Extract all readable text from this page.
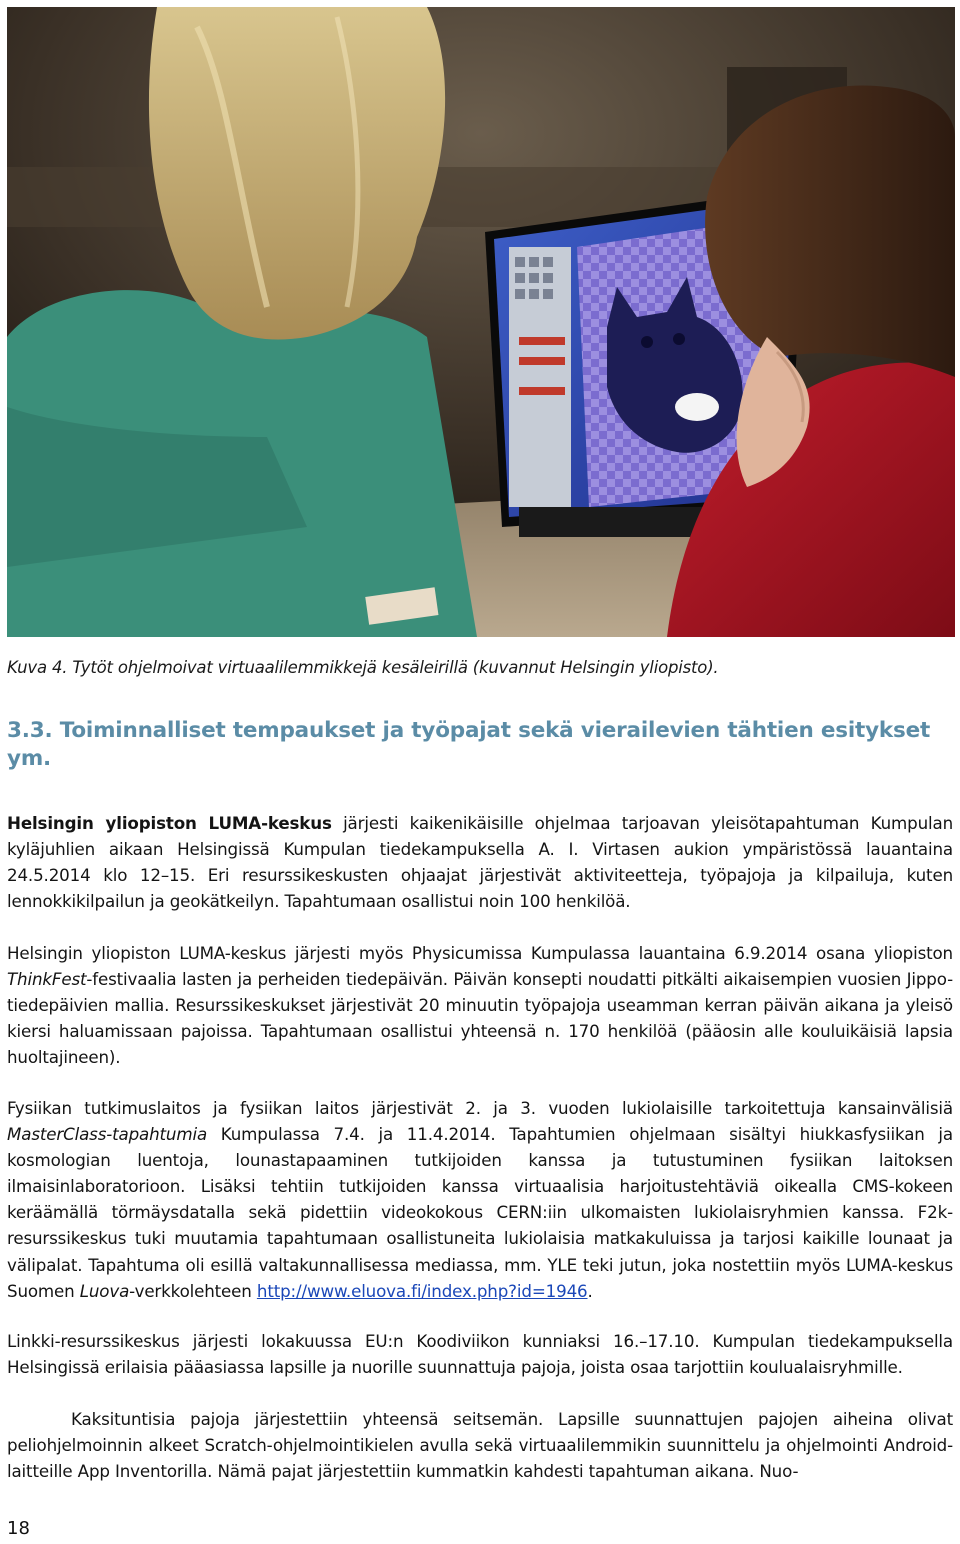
Kuva 4. Tytöt ohjelmoivat virtuaalilemmikkejä kesäleirillä (kuvannut Helsingin yliopisto).
3.3. Toiminnalliset tempaukset ja työpajat sekä vierailevien tähtien esitykset ym.

Helsingin yliopiston LUMA-keskus järjesti kaikenikäisille ohjelmaa tarjoavan yleisötapahtuman Kumpulan kyläjuhlien aikaan Helsingissä Kumpulan tiedekampuksella A. I. Virtasen aukion ympäristössä lauantaina 24.5.2014 klo 12–15. Eri resurssikeskusten ohjaajat järjestivät aktiviteetteja, työpajoja ja kilpailuja, kuten lennokkikilpailun ja geokätkeilyn. Tapahtumaan osallistui noin 100 henkilöä.

Helsingin yliopiston LUMA-keskus järjesti myös Physicumissa Kumpulassa lauantaina 6.9.2014 osana yliopiston ThinkFest-festivaalia lasten ja perheiden tiedepäivän. Päivän konsepti noudatti pitkälti aikaisempien vuosien Jippo-tiedepäivien mallia. Resurssikeskukset järjestivät 20 minuutin työpajoja useamman kerran päivän aikana ja yleisö kiersi haluamissaan pajoissa. Tapahtumaan osallistui yhteensä n. 170 henkilöä (pääosin alle kouluikäisiä lapsia huoltajineen).

Fysiikan tutkimuslaitos ja fysiikan laitos järjestivät 2. ja 3. vuoden lukiolaisille tarkoitettuja kansainvälisiä MasterClass-tapahtumia Kumpulassa 7.4. ja 11.4.2014. Tapahtumien ohjelmaan sisältyi hiukkasfysiikan ja kosmologian luentoja, lounastapaaminen tutkijoiden kanssa ja tutustuminen fysiikan laitoksen ilmaisinlaboratorioon. Lisäksi tehtiin tutkijoiden kanssa virtuaalisia harjoitustehtäviä oikealla CMS-kokeen keräämällä törmäysdatalla sekä pidettiin videokokous CERN:iin ulkomaisten lukiolaisryhmien kanssa. F2k-resurssikeskus tuki muutamia tapahtumaan osallistuneita lukiolaisia matkakuluissa ja tarjosi kaikille lounaat ja välipalat. Tapahtuma oli esillä valtakunnallisessa mediassa, mm. YLE teki jutun, joka nostettiin myös LUMA-keskus Suomen Luova-verkkolehteen http://www.eluova.fi/index.php?id=1946.

Linkki-resurssikeskus järjesti lokakuussa EU:n Koodiviikon kunniaksi 16.–17.10. Kumpulan tiedekampuksella Helsingissä erilaisia pääasiassa lapsille ja nuorille suunnattuja pajoja, joista osaa tarjottiin koulualaisryhmille.

Kaksituntisia pajoja järjestettiin yhteensä seitsemän. Lapsille suunnattujen pajojen aiheina olivat peliohjelmoinnin alkeet Scratch-ohjelmointikielen avulla sekä virtuaalilemmikin suunnittelu ja ohjelmointi Android-laitteille App Inventorilla. Nämä pajat järjestettiin kummatkin kahdesti tapahtuman aikana. Nuo-

18
